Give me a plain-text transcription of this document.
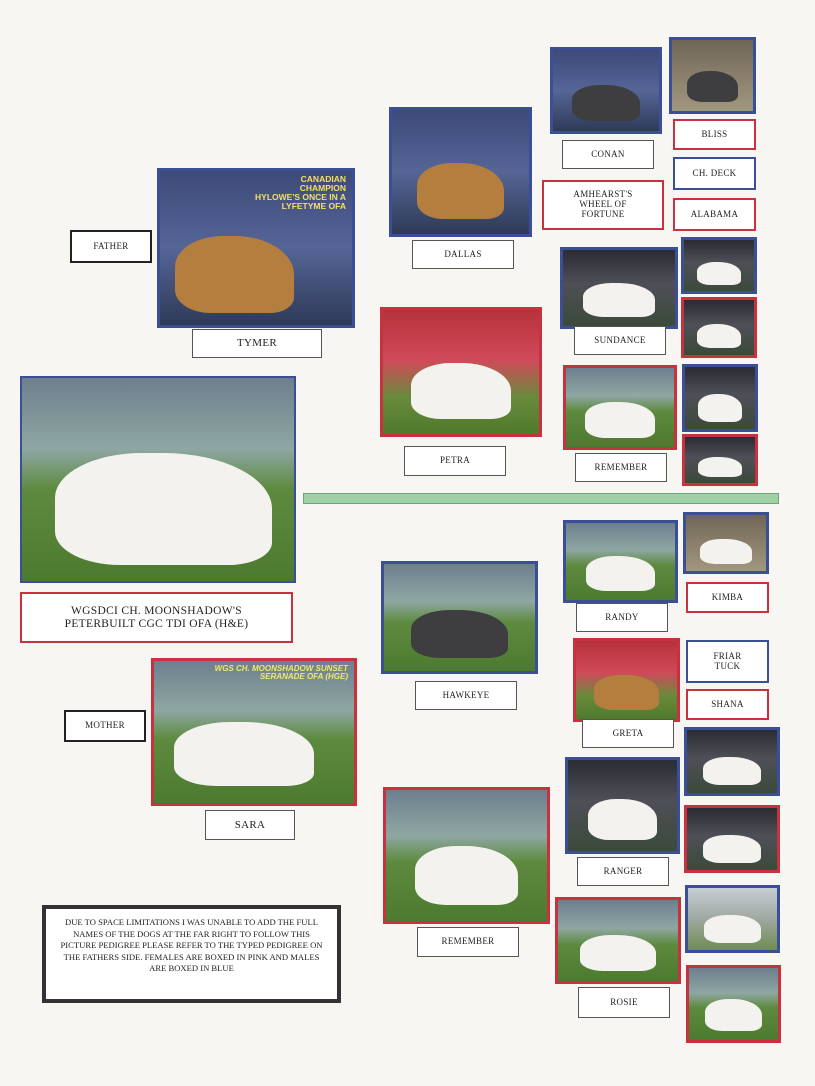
WGSDCI CH. MOONSHADOW'S PETERBUILT CGC TDI OFA (H&E)
FATHER
MOTHER
CANADIAN CHAMPION HYLOWE'S ONCE IN A LYFETYME OFA
TYMER
WGS CH. MOONSHADOW SUNSET SERANADE OFA (HGE)
SARA
DALLAS
PETRA
HAWKEYE
REMEMBER
CONAN
AMHEARST'S WHEEL OF FORTUNE
SUNDANCE
REMEMBER
RANDY
GRETA
RANGER
ROSIE
BLISS
CH. DECK
ALABAMA
KIMBA
FRIAR TUCK
SHANA
DUE TO SPACE LIMITATIONS I WAS UNABLE TO ADD THE FULL NAMES OF THE DOGS AT THE FAR RIGHT TO FOLLOW THIS PICTURE PEDIGREE PLEASE REFER TO THE TYPED PEDIGREE ON THE FATHERS SIDE. FEMALES ARE BOXED IN PINK AND MALES ARE BOXED IN BLUE
